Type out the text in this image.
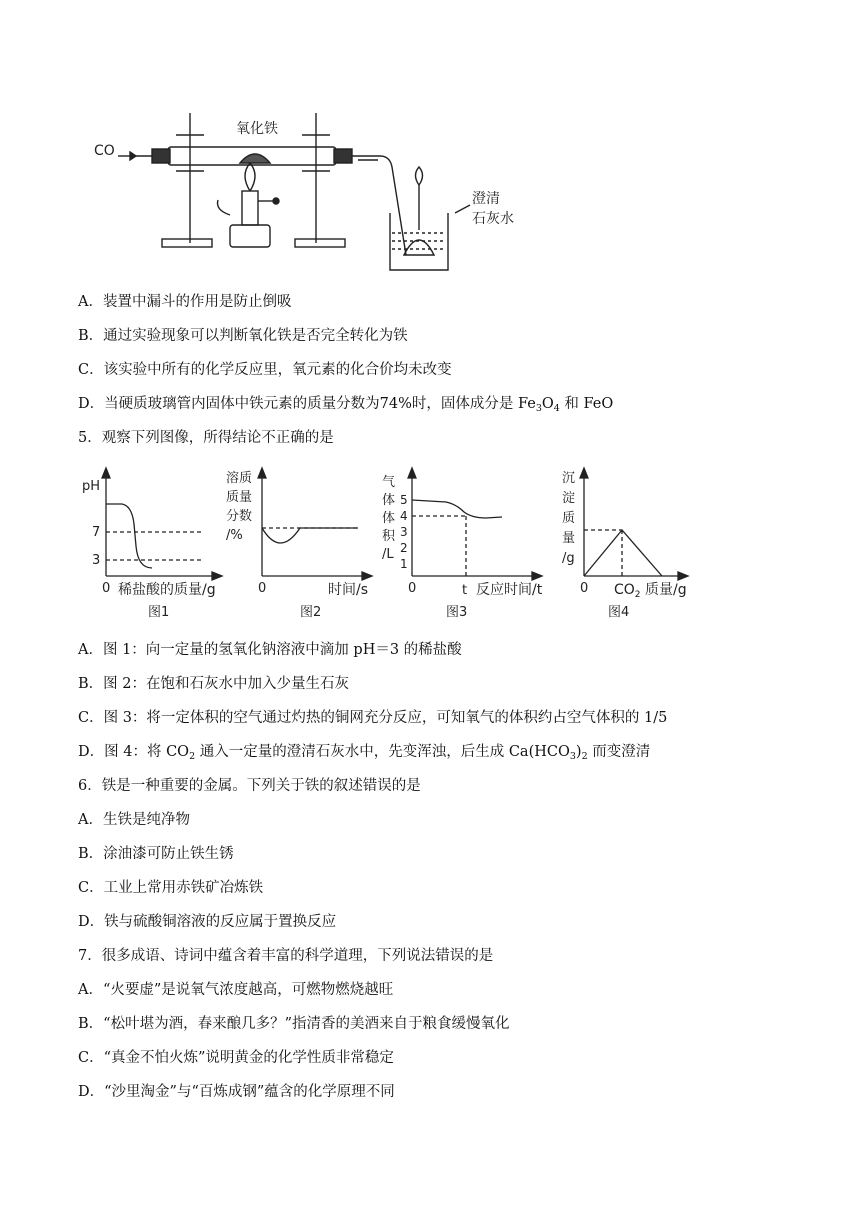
CO
氧化铁
澄清
石灰水
A．装置中漏斗的作用是防止倒吸
B．通过实验现象可以判断氧化铁是否完全转化为铁
C．该实验中所有的化学反应里，氧元素的化合价均未改变
D．当硬质玻璃管内固体中铁元素的质量分数为74%时，固体成分是 $Fe_3O_4$ 和 FeO
5．观察下列图像，所得结论不正确的是
pH
7
3
0 稀盐酸的质量/g
图1
溶质
质量
分数
/%
0	时间/s
图2
气
体
体
积
/L
5
4
3
2
1
0	t 反应时间/t
图3
沉
淀
质
量
/g
0 $CO_2$ 质量/g
图4
A．图 1：向一定量的氢氧化钠溶液中滴加 pH＝3 的稀盐酸
B．图 2：在饱和石灰水中加入少量生石灰
C．图 3：将一定体积的空气通过灼热的铜网充分反应，可知氧气的体积约占空气体积的 1/5
D．图 4：将 $CO_2$ 通入一定量的澄清石灰水中，先变浑浊，后生成 $Ca(HCO_3)_2$ 而变澄清
6．铁是一种重要的金属。下列关于铁的叙述错误的是
A．生铁是纯净物
B．涂油漆可防止铁生锈
C．工业上常用赤铁矿冶炼铁
D．铁与硫酸铜溶液的反应属于置换反应
7．很多成语、诗词中蕴含着丰富的科学道理，下列说法错误的是
A．“火要虚”是说氧气浓度越高，可燃物燃烧越旺
B．“松叶堪为酒，春来酿几多？”指清香的美酒来自于粮食缓慢氧化
C．“真金不怕火炼”说明黄金的化学性质非常稳定
D．“沙里淘金”与“百炼成钢”蕴含的化学原理不同
